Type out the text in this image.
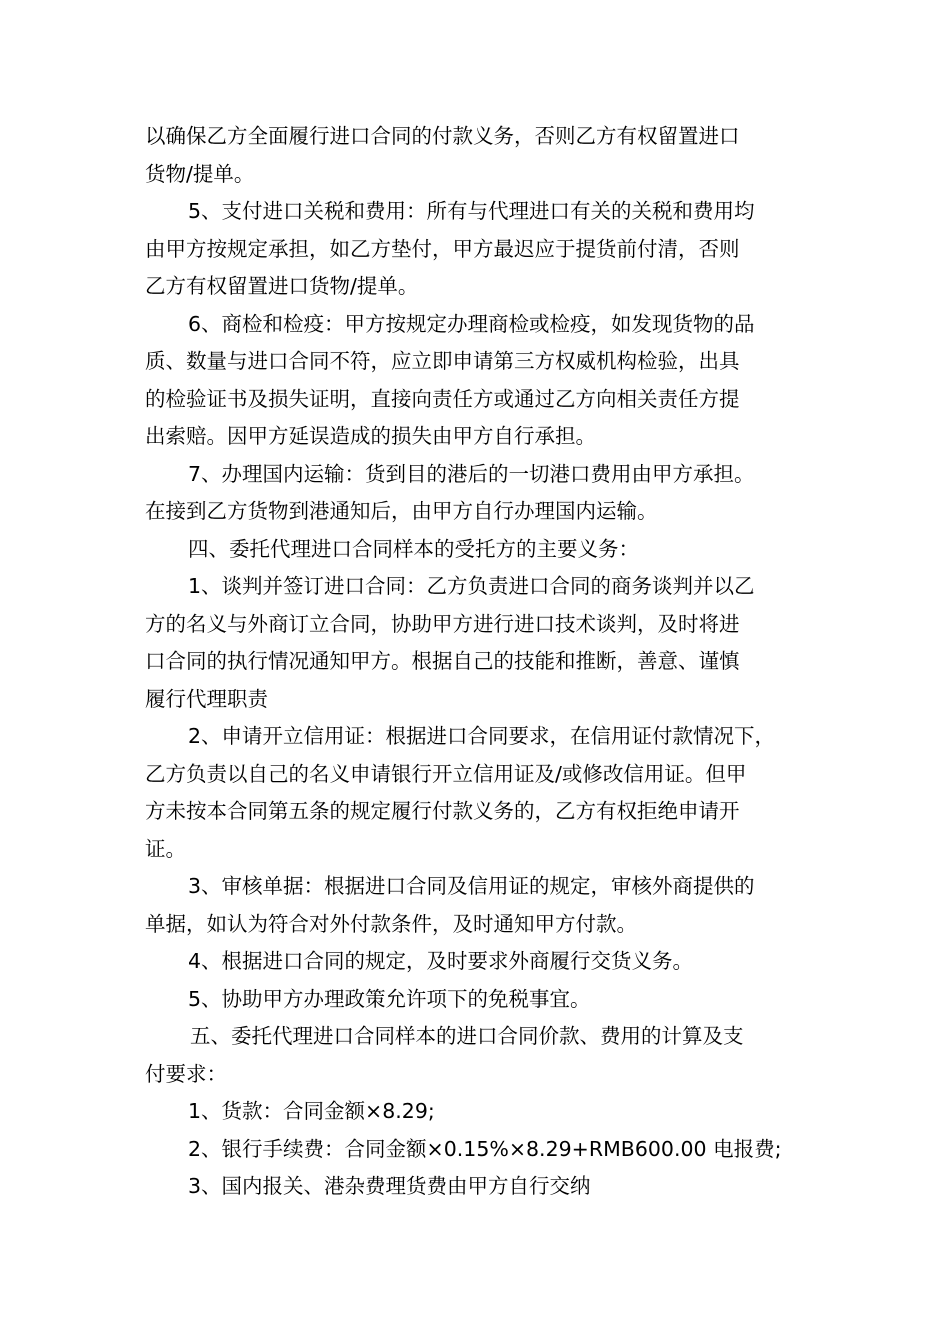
以确保乙方全面履行进口合同的付款义务，否则乙方有权留置进口
货物/提单。

5、支付进口关税和费用：所有与代理进口有关的关税和费用均
由甲方按规定承担，如乙方垫付，甲方最迟应于提货前付清，否则
乙方有权留置进口货物/提单。

6、商检和检疫：甲方按规定办理商检或检疫，如发现货物的品
质、数量与进口合同不符，应立即申请第三方权威机构检验，出具
的检验证书及损失证明，直接向责任方或通过乙方向相关责任方提
出索赔。因甲方延误造成的损失由甲方自行承担。

7、办理国内运输：货到目的港后的一切港口费用由甲方承担。
在接到乙方货物到港通知后，由甲方自行办理国内运输。

四、委托代理进口合同样本的受托方的主要义务：

1、谈判并签订进口合同：乙方负责进口合同的商务谈判并以乙
方的名义与外商订立合同，协助甲方进行进口技术谈判，及时将进
口合同的执行情况通知甲方。根据自己的技能和推断，善意、谨慎
履行代理职责

2、申请开立信用证：根据进口合同要求，在信用证付款情况下，
乙方负责以自己的名义申请银行开立信用证及/或修改信用证。但甲
方未按本合同第五条的规定履行付款义务的，乙方有权拒绝申请开
证。

3、审核单据：根据进口合同及信用证的规定，审核外商提供的
单据，如认为符合对外付款条件，及时通知甲方付款。

4、根据进口合同的规定，及时要求外商履行交货义务。

5、协助甲方办理政策允许项下的免税事宜。

五、委托代理进口合同样本的进口合同价款、费用的计算及支
付要求：

1、货款：合同金额×8.29;

2、银行手续费：合同金额×0.15%×8.29+RMB600.00 电报费;

3、国内报关、港杂费理货费由甲方自行交纳
